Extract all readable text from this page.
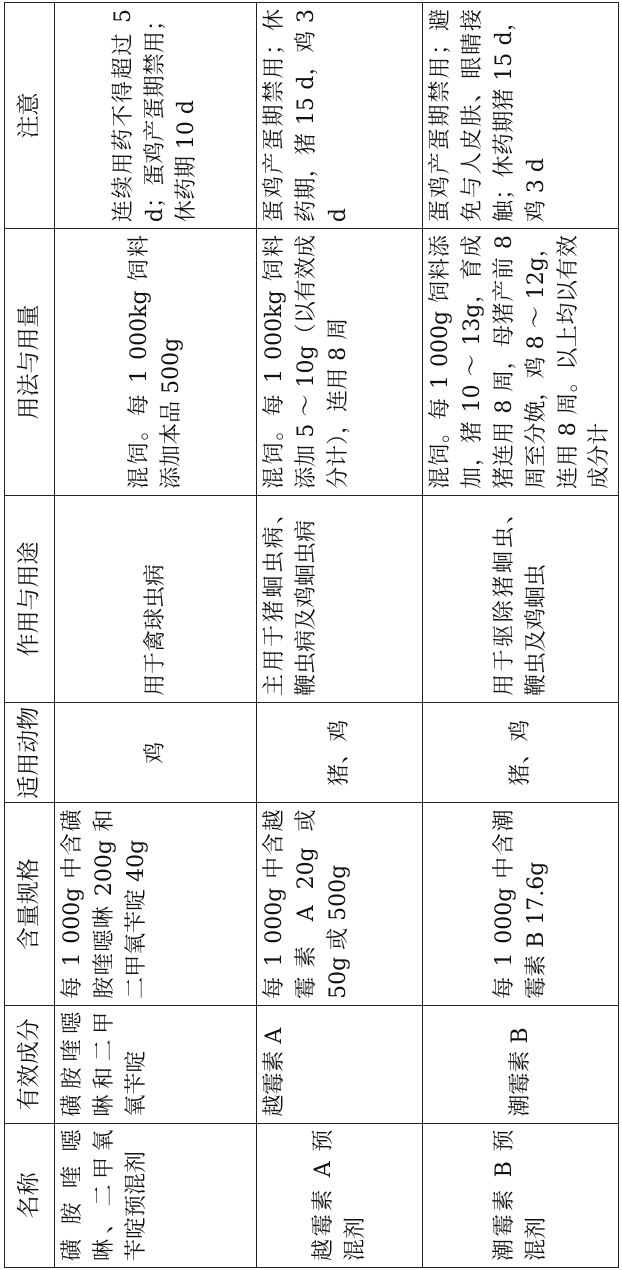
名称	有效成分	含量规格	适用动物	作用与用途	用法与用量	注意
磺胺喹噁啉、二甲氧苄啶预混剂	磺胺喹噁啉和二甲氧苄啶	每 1 000g 中含磺胺喹噁啉 200g 和二甲氧苄啶 40g	鸡	用于禽球虫病	混饲。每 1 000kg 饲料添加本品 500g	连续用药不得超过 5 d；蛋鸡产蛋期禁用；休药期 10 d
越霉素 A 预混剂	越霉素 A	每 1 000g 中含越霉素 A 20g 或 50g 或 500g	猪、鸡	主用于猪蛔虫病、鞭虫病及鸡蛔虫病	混饲。每 1 000kg 饲料添加 5 ～ 10g（以有效成分计），连用 8 周	蛋鸡产蛋期禁用；休药期，猪 15 d，鸡 3 d
潮霉素 B 预混剂	潮霉素 B	每 1 000g 中含潮霉素 B 17.6g	猪、鸡	用于驱除猪蛔虫、鞭虫及鸡蛔虫	混饲。每 1 000g 饲料添加，猪 10 ～ 13g，育成猪连用 8 周，母猪产前 8 周至分娩，鸡 8 ～ 12g，连用 8 周。以上均以有效成分计	蛋鸡产蛋期禁用；避免与人皮肤、眼睛接触；休药期猪 15 d，鸡 3 d
